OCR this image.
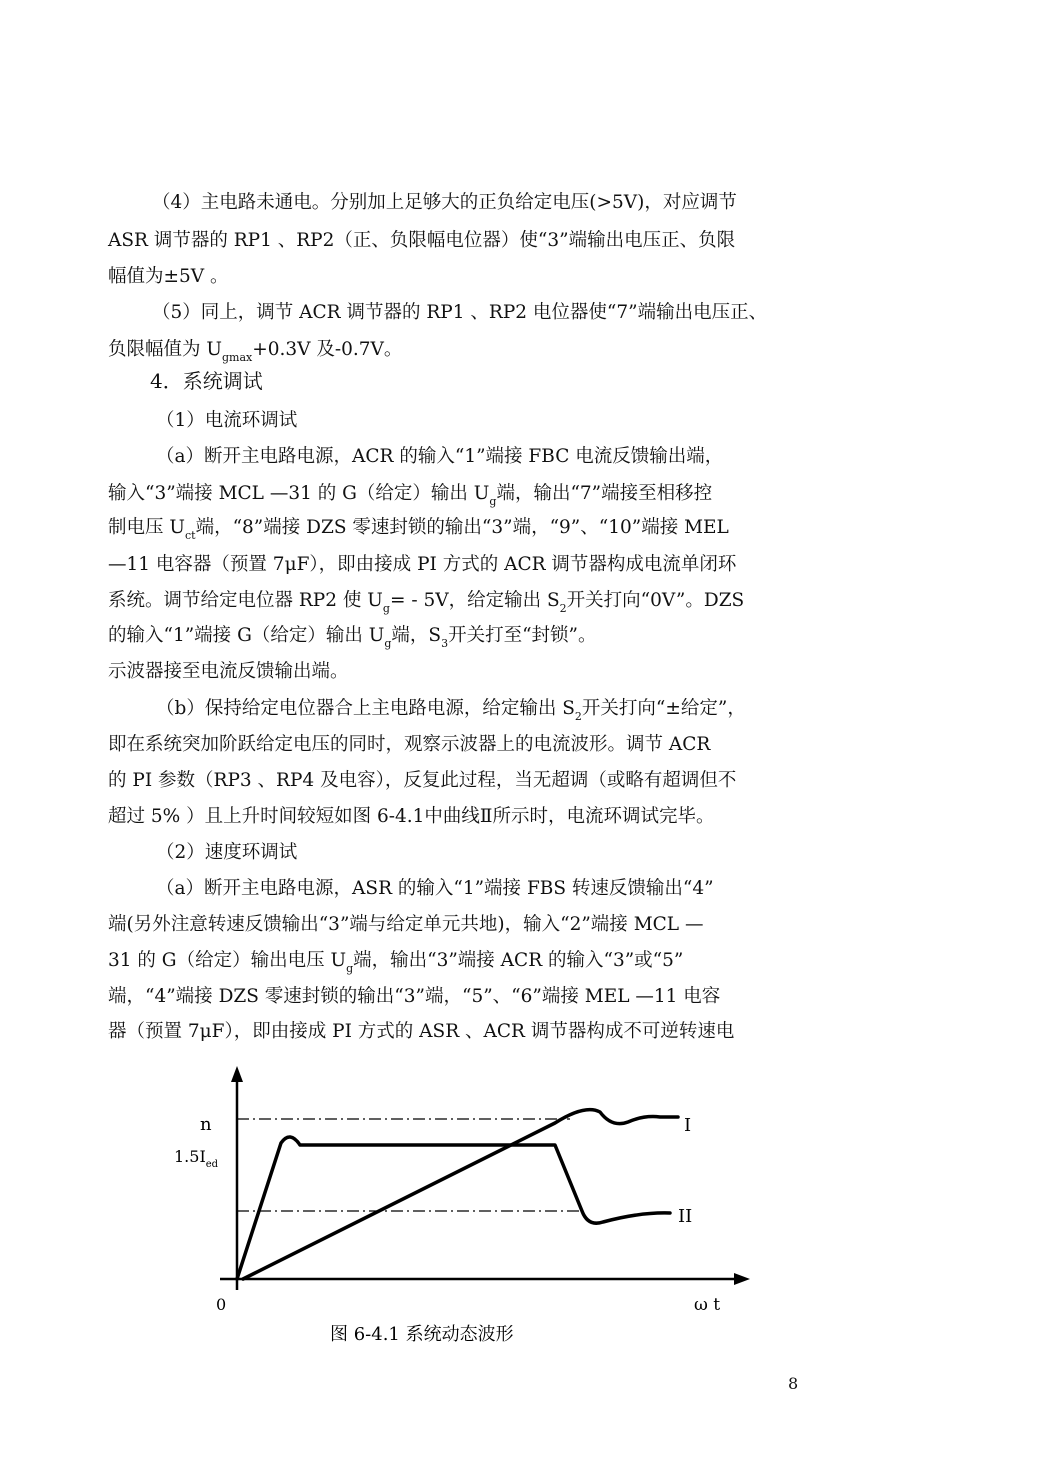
（4）主电路未通电。分别加上足够大的正负给定电压(>5V)，对应调节
ASR 调节器的 RP1 、RP2（正、负限幅电位器）使“3”端输出电压正、负限
幅值为±5V 。
（5）同上，调节 ACR 调节器的 RP1 、RP2 电位器使“7”端输出电压正、
负限幅值为 $U_{gmax}+0.3V$ 及-0.7V。
4．系统调试
（1）电流环调试
（a）断开主电路电源，ACR 的输入“1”端接 FBC 电流反馈输出端，
输入“3”端接 MCL —31 的 G（给定）输出 $U_g$端，输出“7”端接至相移控
制电压 $U_{ct}$端，“8”端接 DZS 零速封锁的输出“3”端，“9”、“10”端接 MEL
—11 电容器（预置 7μF），即由接成 PI 方式的 ACR 调节器构成电流单闭环
系统。调节给定电位器 RP2 使 $U_g= - 5V$，给定输出 $S_2$开关打向“0V”。DZS
的输入“1”端接 G（给定）输出 $U_g$端，$S_3$开关打至“封锁”。
示波器接至电流反馈输出端。
（b）保持给定电位器合上主电路电源，给定输出 $S_2$开关打向“±给定”，
即在系统突加阶跃给定电压的同时，观察示波器上的电流波形。调节 ACR
的 PI 参数（RP3 、RP4 及电容），反复此过程，当无超调（或略有超调但不
超过 5% ）且上升时间较短如图 6-4.1中曲线Ⅱ所示时，电流环调试完毕。
（2）速度环调试
（a）断开主电路电源，ASR 的输入“1”端接 FBS 转速反馈输出“4”
端(另外注意转速反馈输出“3”端与给定单元共地)，输入“2”端接 MCL —
31 的 G（给定）输出电压 $U_g$端，输出“3”端接 ACR 的输入“3”或“5”
端，“4”端接 DZS 零速封锁的输出“3”端，“5”、“6”端接 MEL —11 电容
器（预置 7μF），即由接成 PI 方式的 ASR 、ACR 调节器构成不可逆转速电
n
$1.5I_{ed}$
I
II
0	ω t
图 6-4.1 系统动态波形
8
